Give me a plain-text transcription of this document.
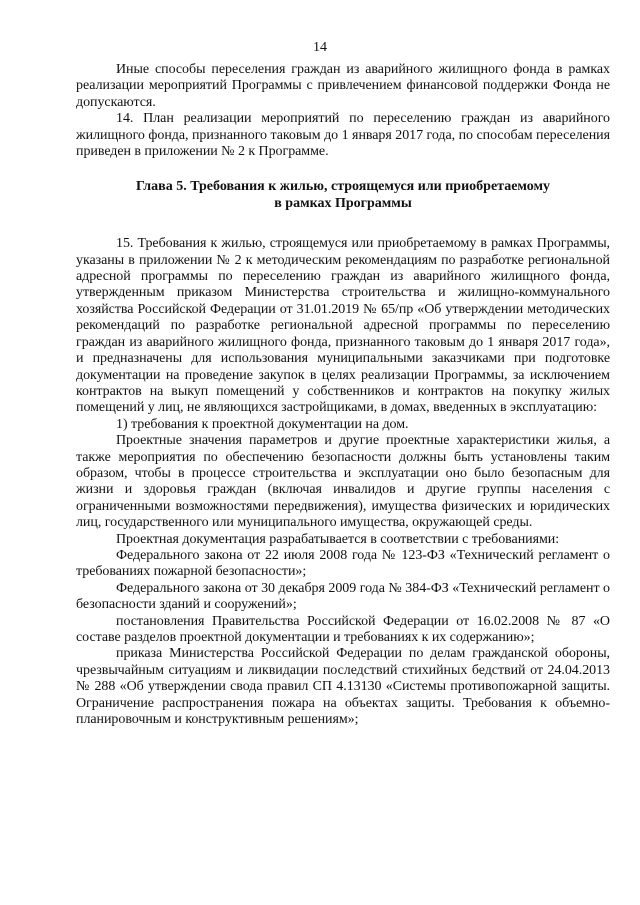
14

Иные способы переселения граждан из аварийного жилищного фонда в рамках реализации мероприятий Программы с привлечением финансовой поддержки Фонда не допускаются.

14. План реализации мероприятий по переселению граждан из аварийного жилищного фонда, признанного таковым до 1 января 2017 года, по способам переселения приведен в приложении № 2 к Программе.

Глава 5. Требования к жилью, строящемуся или приобретаемому
в рамках Программы

15. Требования к жилью, строящемуся или приобретаемому в рамках Программы, указаны в приложении № 2 к методическим рекомендациям по разработке региональной адресной программы по переселению граждан из аварийного жилищного фонда, утвержденным приказом Министерства строительства и жилищно-коммунального хозяйства Российской Федерации от 31.01.2019 № 65/пр «Об утверждении методических рекомендаций по разработке региональной адресной программы по переселению граждан из аварийного жилищного фонда, признанного таковым до 1 января 2017 года», и предназначены для использования муниципальными заказчиками при подготовке документации на проведение закупок в целях реализации Программы, за исключением контрактов на выкуп помещений у собственников и контрактов на покупку жилых помещений у лиц, не являющихся застройщиками, в домах, введенных в эксплуатацию:

1) требования к проектной документации на дом.

Проектные значения параметров и другие проектные характеристики жилья, а также мероприятия по обеспечению безопасности должны быть установлены таким образом, чтобы в процессе строительства и эксплуатации оно было безопасным для жизни и здоровья граждан (включая инвалидов и другие группы населения с ограниченными возможностями передвижения), имущества физических и юридических лиц, государственного или муниципального имущества, окружающей среды.

Проектная документация разрабатывается в соответствии с требованиями:

Федерального закона от 22 июля 2008 года № 123-ФЗ «Технический регламент о требованиях пожарной безопасности»;

Федерального закона от 30 декабря 2009 года № 384-ФЗ «Технический регламент о безопасности зданий и сооружений»;

постановления Правительства Российской Федерации от 16.02.2008 № 87 «О составе разделов проектной документации и требованиях к их содержанию»;

приказа Министерства Российской Федерации по делам гражданской обороны, чрезвычайным ситуациям и ликвидации последствий стихийных бедствий от 24.04.2013 № 288 «Об утверждении свода правил СП 4.13130 «Системы противопожарной защиты. Ограничение распространения пожара на объектах защиты. Требования к объемно-планировочным и конструктивным решениям»;
